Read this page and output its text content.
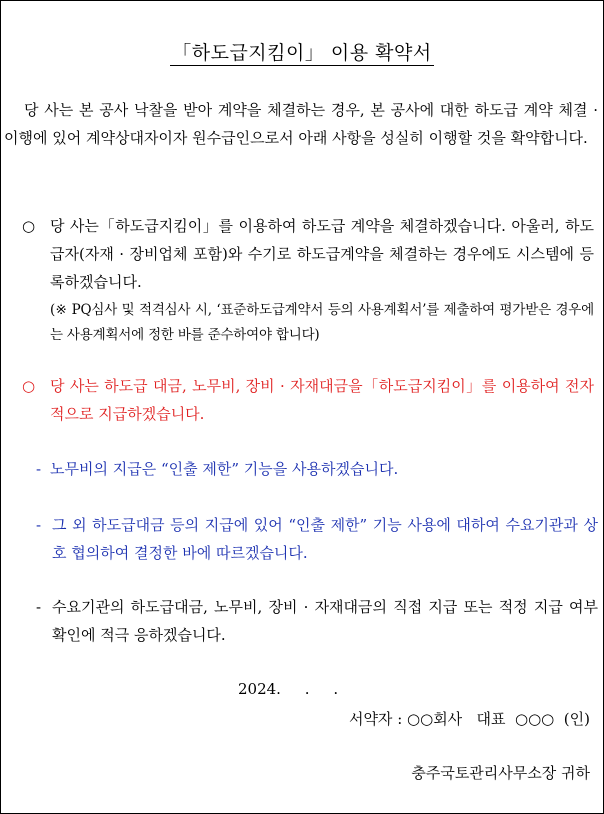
「하도급지킴이」 이용 확약서
당 사는 본 공사 낙찰을 받아 계약을 체결하는 경우, 본 공사에 대한 하도급 계약 체결 · 이행에 있어 계약상대자이자 원수급인으로서 아래 사항을 성실히 이행할 것을 확약합니다.
○ 당 사는「하도급지킴이」를 이용하여 하도급 계약을 체결하겠습니다. 아울러, 하도급자(자재 · 장비업체 포함)와 수기로 하도급계약을 체결하는 경우에도 시스템에 등록하겠습니다.
(※ PQ심사 및 적격심사 시, ‘표준하도급계약서 등의 사용계획서’를 제출하여 평가받은 경우에는 사용계획서에 정한 바를 준수하여야 합니다)
○ 당 사는 하도급 대금, 노무비, 장비 · 자재대금을「하도급지킴이」를 이용하여 전자적으로 지급하겠습니다.
- 노무비의 지급은 “인출 제한” 기능을 사용하겠습니다.
- 그 외 하도급대금 등의 지급에 있어 “인출 제한” 기능 사용에 대하여 수요기관과 상호 협의하여 결정한 바에 따르겠습니다.
- 수요기관의 하도급대금, 노무비, 장비 · 자재대금의 직접 지급 또는 적정 지급 여부 확인에 적극 응하겠습니다.
2024.     .     .
서약자 : ○○회사   대표  ○○○  (인)
충주국토관리사무소장 귀하
